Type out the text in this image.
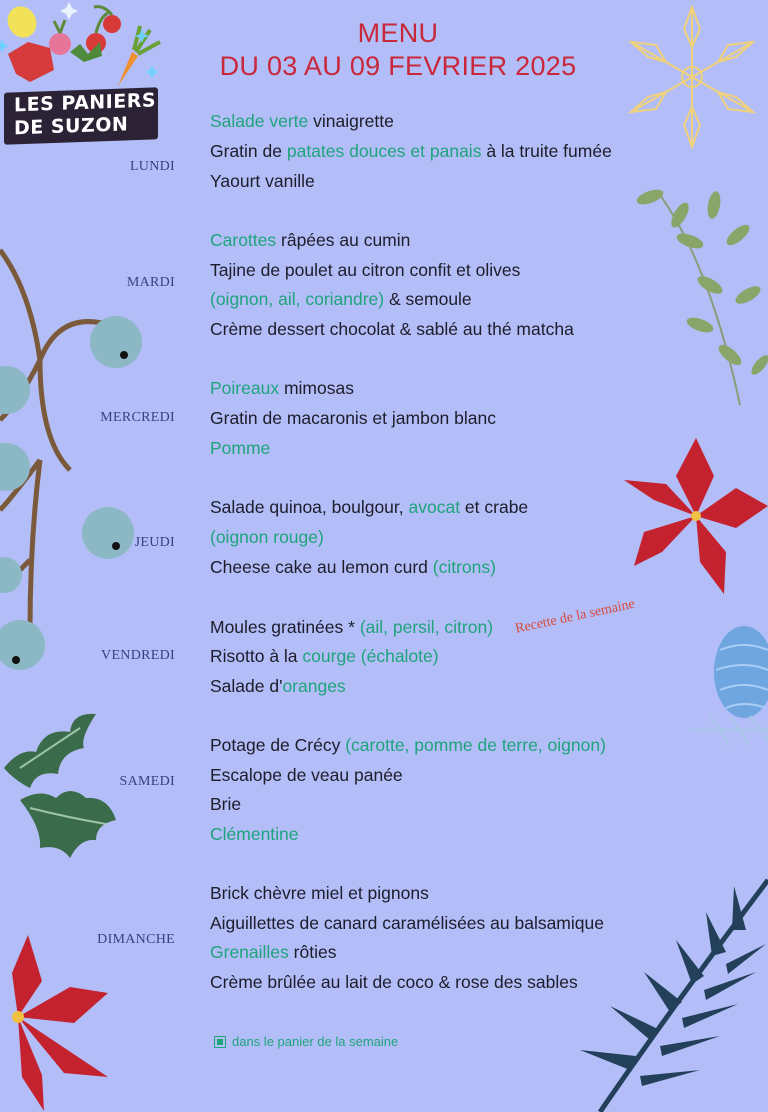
LES PANIERS
DE SUZON
MENU
DU 03 AU 09 FEVRIER 2025
LUNDI
Salade verte vinaigrette
Gratin de patates douces et panais à la truite fumée
Yaourt vanille
MARDI
Carottes râpées au cumin
Tajine de poulet au citron confit et olives
(oignon, ail, coriandre) & semoule
Crème dessert chocolat & sablé au thé matcha
MERCREDI
Poireaux mimosas
Gratin de macaronis et jambon blanc
Pomme
JEUDI
Salade quinoa, boulgour, avocat et crabe
(oignon rouge)
Cheese cake au lemon curd (citrons)
VENDREDI
Moules gratinées * (ail, persil, citron)
Risotto à la courge (échalote)
Salade d'oranges
SAMEDI
Potage de Crécy (carotte, pomme de terre, oignon)
Escalope de veau panée
Brie
Clémentine
DIMANCHE
Brick chèvre miel et pignons
Aiguillettes de canard caramélisées au balsamique
Grenailles rôties
Crème brûlée au lait de coco & rose des sables
Recette de la semaine
dans le panier de la semaine
